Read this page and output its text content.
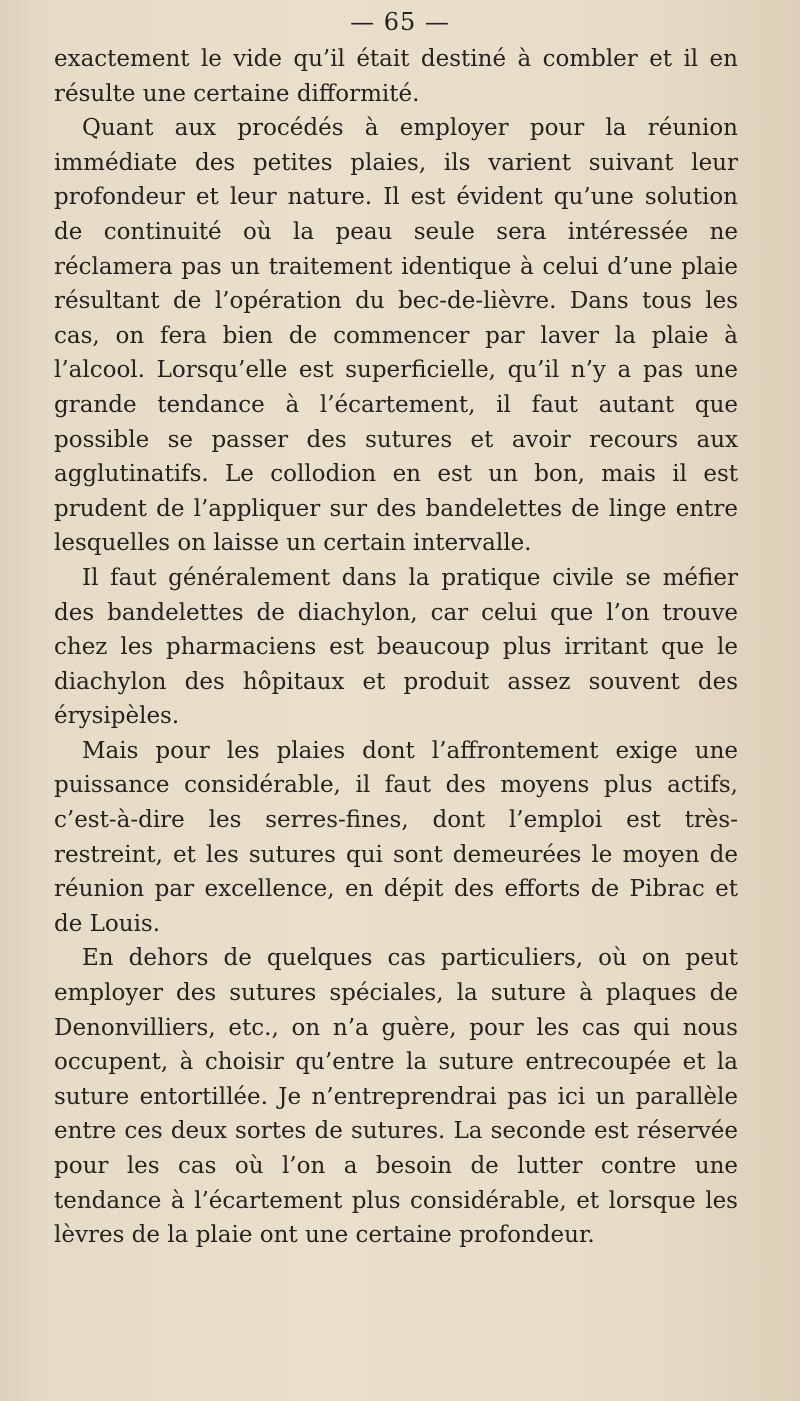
— 65 —

exactement le vide qu’il était destiné à combler et il en résulte une certaine difformité.

Quant aux procédés à employer pour la réunion immédiate des petites plaies, ils varient suivant leur profondeur et leur nature. Il est évident qu’une solution de continuité où la peau seule sera intéressée ne réclamera pas un traitement identique à celui d’une plaie résultant de l’opération du bec-de-lièvre. Dans tous les cas, on fera bien de commencer par laver la plaie à l’alcool. Lorsqu’elle est superficielle, qu’il n’y a pas une grande tendance à l’écartement, il faut autant que possible se passer des sutures et avoir recours aux agglutinatifs. Le collodion en est un bon, mais il est prudent de l’appliquer sur des bandelettes de linge entre lesquelles on laisse un certain intervalle.

Il faut généralement dans la pratique civile se méfier des bandelettes de diachylon, car celui que l’on trouve chez les pharmaciens est beaucoup plus irritant que le diachylon des hôpitaux et produit assez souvent des érysipèles.

Mais pour les plaies dont l’affrontement exige une puissance considérable, il faut des moyens plus actifs, c’est-à-dire les serres-fines, dont l’emploi est très-restreint, et les sutures qui sont demeurées le moyen de réunion par excellence, en dépit des efforts de Pibrac et de Louis.

En dehors de quelques cas particuliers, où on peut employer des sutures spéciales, la suture à plaques de Denonvilliers, etc., on n’a guère, pour les cas qui nous occupent, à choisir qu’entre la suture entrecoupée et la suture entortillée. Je n’entreprendrai pas ici un parallèle entre ces deux sortes de sutures. La seconde est réservée pour les cas où l’on a besoin de lutter contre une tendance à l’écartement plus considérable, et lorsque les lèvres de la plaie ont une certaine profondeur.
